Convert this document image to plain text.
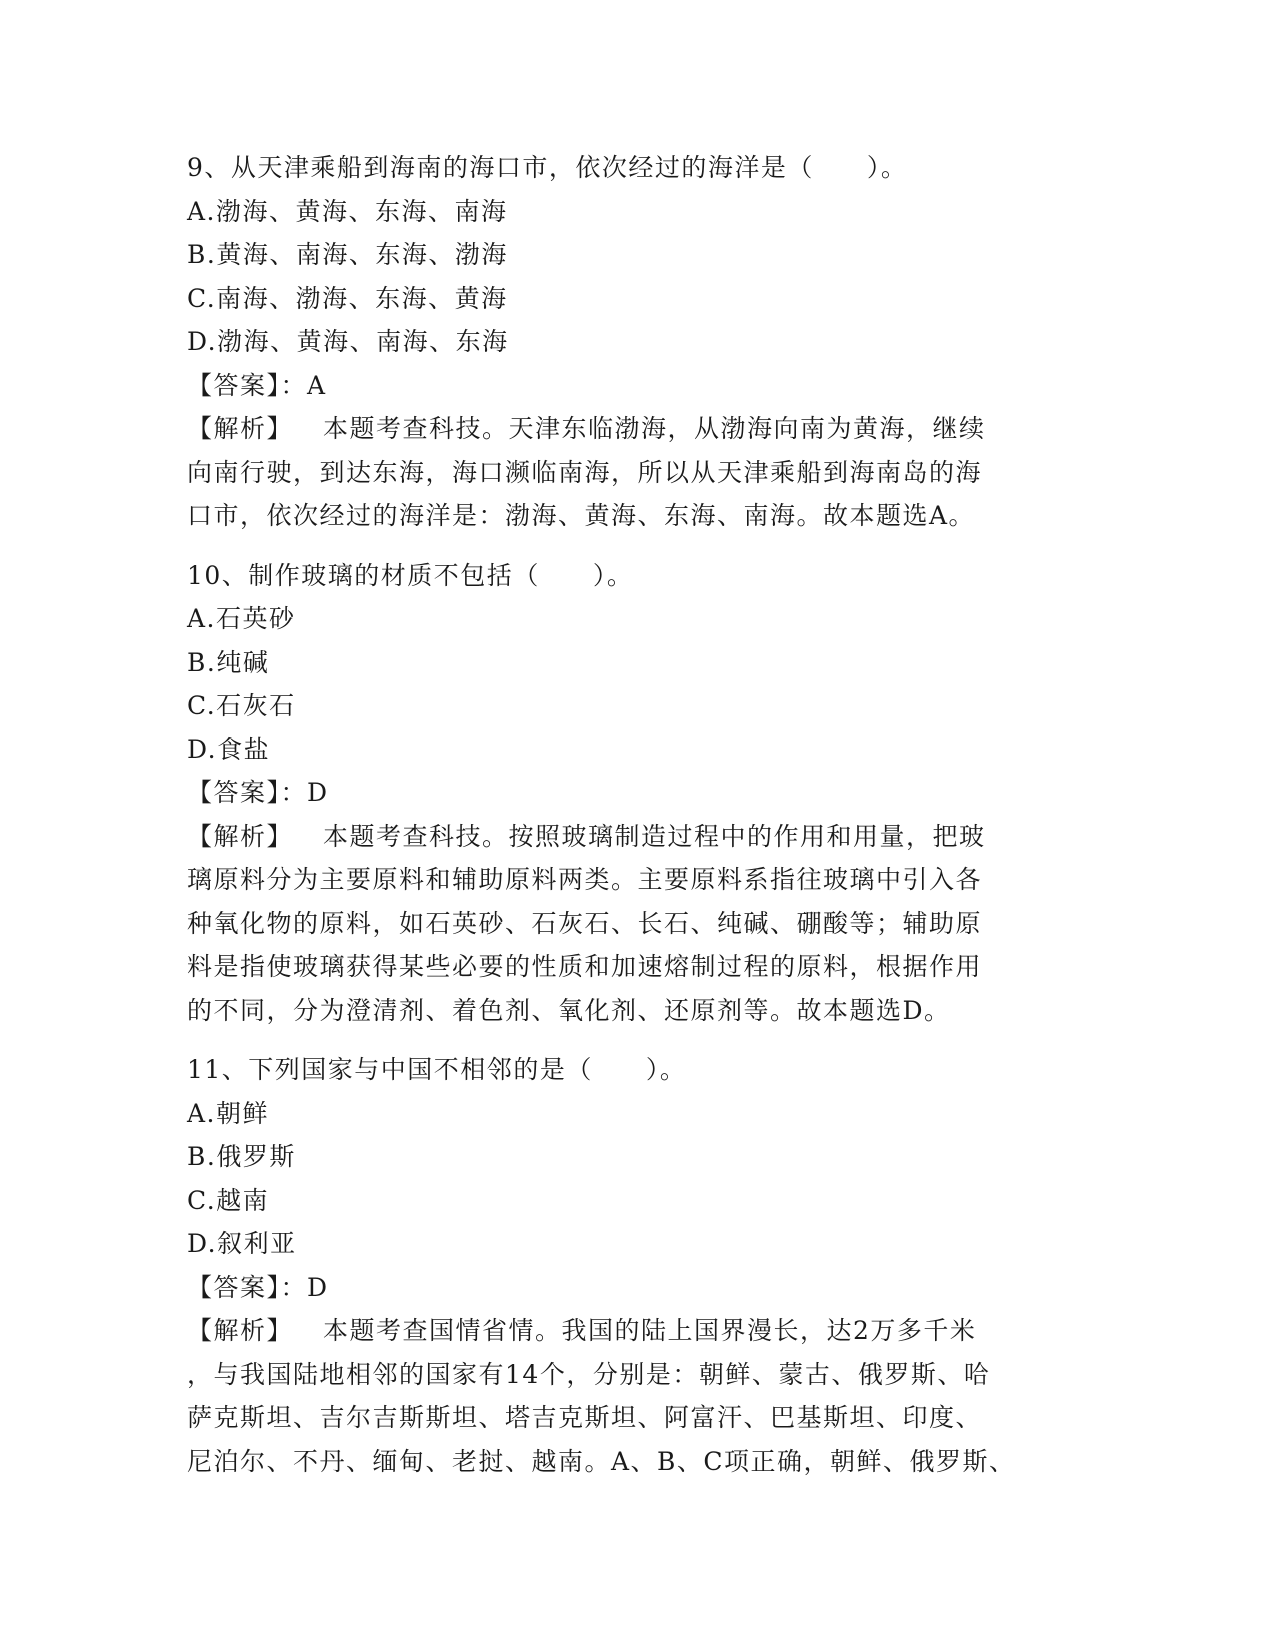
9、从天津乘船到海南的海口市，依次经过的海洋是（　　）。
A.渤海、黄海、东海、南海
B.黄海、南海、东海、渤海
C.南海、渤海、东海、黄海
D.渤海、黄海、南海、东海
【答案】：A
【解析】 本题考查科技。天津东临渤海，从渤海向南为黄海，继续
向南行驶，到达东海，海口濒临南海，所以从天津乘船到海南岛的海
口市，依次经过的海洋是：渤海、黄海、东海、南海。故本题选A。
10、制作玻璃的材质不包括（　　）。
A.石英砂
B.纯碱
C.石灰石
D.食盐
【答案】：D
【解析】 本题考查科技。按照玻璃制造过程中的作用和用量，把玻
璃原料分为主要原料和辅助原料两类。主要原料系指往玻璃中引入各
种氧化物的原料，如石英砂、石灰石、长石、纯碱、硼酸等；辅助原
料是指使玻璃获得某些必要的性质和加速熔制过程的原料，根据作用
的不同，分为澄清剂、着色剂、氧化剂、还原剂等。故本题选D。
11、下列国家与中国不相邻的是（　　）。
A.朝鲜
B.俄罗斯
C.越南
D.叙利亚
【答案】：D
【解析】 本题考查国情省情。我国的陆上国界漫长，达2万多千米
，与我国陆地相邻的国家有14个，分别是：朝鲜、蒙古、俄罗斯、哈
萨克斯坦、吉尔吉斯斯坦、塔吉克斯坦、阿富汗、巴基斯坦、印度、
尼泊尔、不丹、缅甸、老挝、越南。A、B、C项正确，朝鲜、俄罗斯、
